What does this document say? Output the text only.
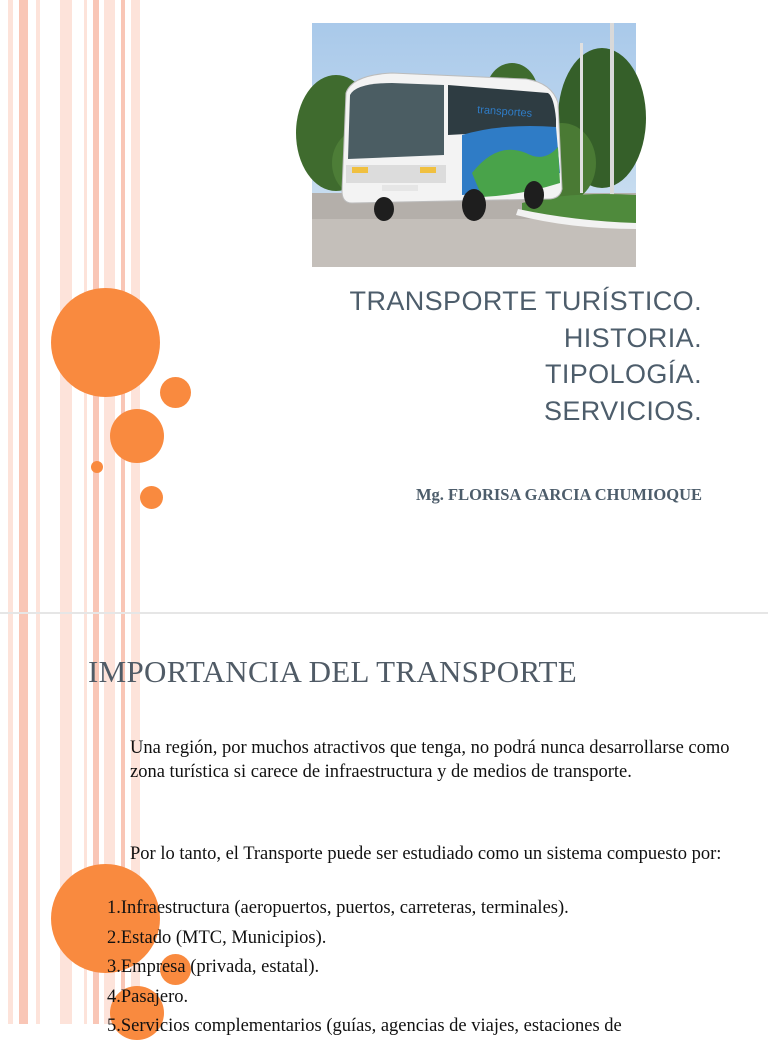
transportes
TRANSPORTE TURÍSTICO.
HISTORIA.
TIPOLOGÍA.
SERVICIOS.
Mg. FLORISA GARCIA CHUMIOQUE
IMPORTANCIA DEL TRANSPORTE
Una región, por muchos atractivos que tenga, no podrá nunca desarrollarse como zona turística si carece de infraestructura y de medios de transporte.
Por lo tanto, el Transporte puede ser estudiado como un sistema compuesto por:
1.Infraestructura (aeropuertos, puertos, carreteras, terminales).
2.Estado (MTC, Municipios).
3.Empresa (privada, estatal).
4.Pasajero.
5.Servicios complementarios (guías, agencias de viajes, estaciones de
